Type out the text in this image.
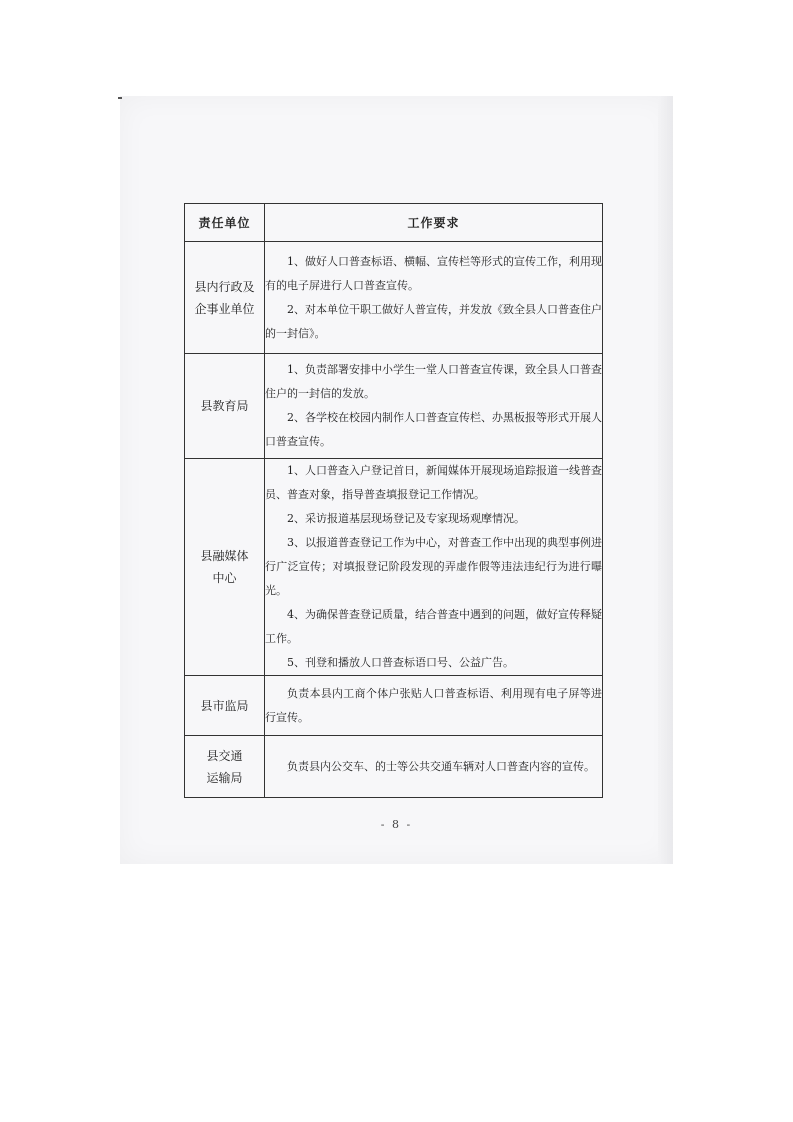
责任单位	工作要求
县内行政及企事业单位	1、做好人口普查标语、横幅、宣传栏等形式的宣传工作，利用现有的电子屏进行人口普查宣传。

2、对本单位干职工做好人普宣传，并发放《致全县人口普查住户的一封信》。

县教育局	1、负责部署安排中小学生一堂人口普查宣传课，致全县人口普查住户的一封信的发放。

2、各学校在校园内制作人口普查宣传栏、办黑板报等形式开展人口普查宣传。

县融媒体中心	1、人口普查入户登记首日，新闻媒体开展现场追踪报道一线普查员、普查对象，指导普查填报登记工作情况。

2、采访报道基层现场登记及专家现场观摩情况。

3、以报道普查登记工作为中心，对普查工作中出现的典型事例进行广泛宣传；对填报登记阶段发现的弄虚作假等违法违纪行为进行曝光。

4、为确保普查登记质量，结合普查中遇到的问题，做好宣传释疑工作。

5、刊登和播放人口普查标语口号、公益广告。

县市监局	负责本县内工商个体户张贴人口普查标语、利用现有电子屏等进行宣传。

县交通运输局	负责县内公交车、的士等公共交通车辆对人口普查内容的宣传。

- 8 -
